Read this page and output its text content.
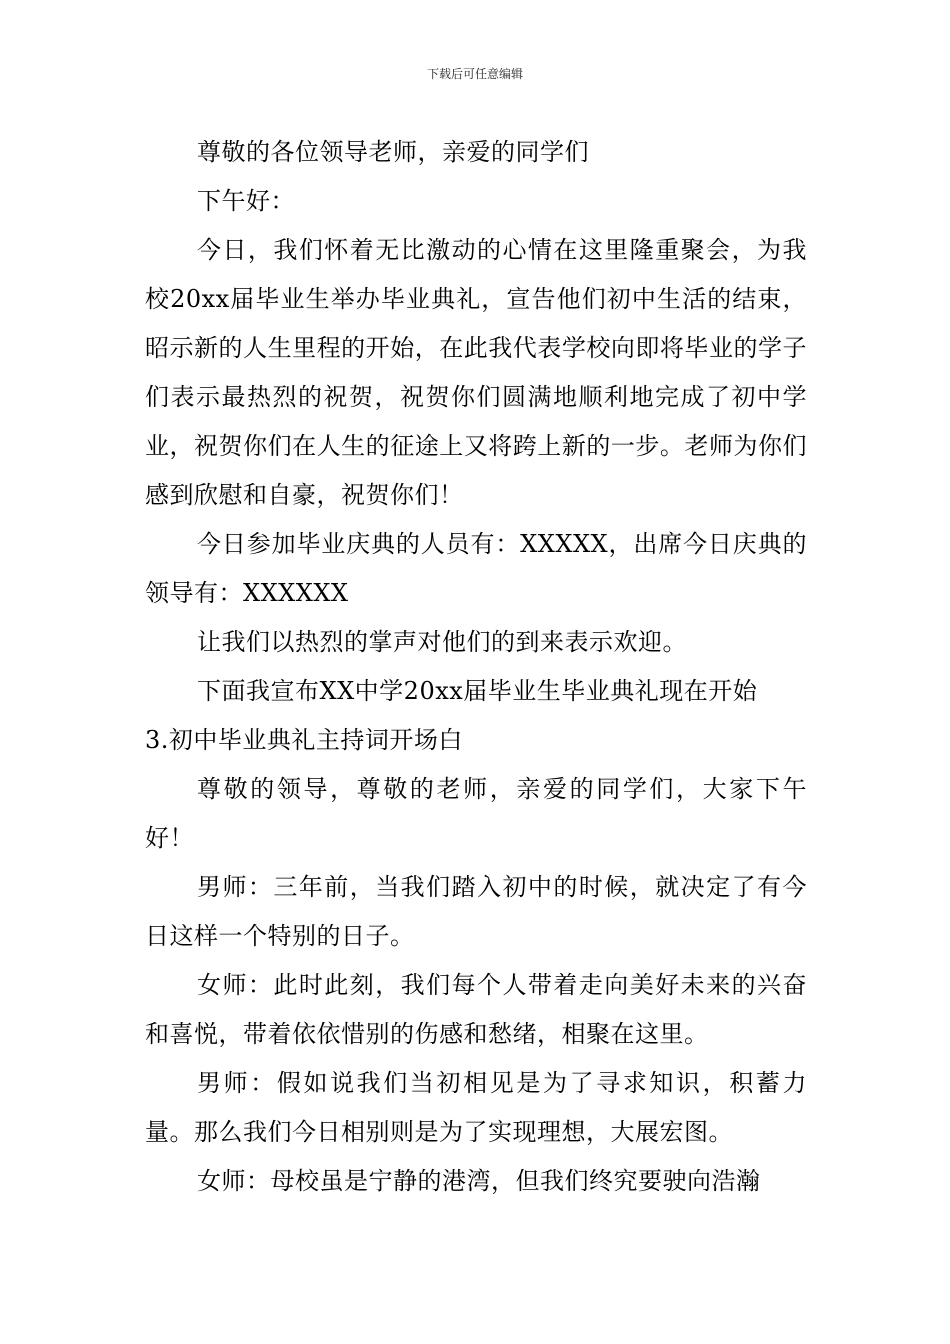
下载后可任意编辑

尊敬的各位领导老师，亲爱的同学们

下午好：

今日，我们怀着无比激动的心情在这里隆重聚会，为我校20xx届毕业生举办毕业典礼，宣告他们初中生活的结束，昭示新的人生里程的开始，在此我代表学校向即将毕业的学子们表示最热烈的祝贺，祝贺你们圆满地顺利地完成了初中学业，祝贺你们在人生的征途上又将跨上新的一步。老师为你们感到欣慰和自豪，祝贺你们！

今日参加毕业庆典的人员有：XXXXX，出席今日庆典的领导有：XXXXXX

让我们以热烈的掌声对他们的到来表示欢迎。

下面我宣布XX中学20xx届毕业生毕业典礼现在开始

3.初中毕业典礼主持词开场白

尊敬的领导，尊敬的老师，亲爱的同学们，大家下午好！

男师：三年前，当我们踏入初中的时候，就决定了有今日这样一个特别的日子。

女师：此时此刻，我们每个人带着走向美好未来的兴奋和喜悦，带着依依惜别的伤感和愁绪，相聚在这里。

男师：假如说我们当初相见是为了寻求知识，积蓄力量。那么我们今日相别则是为了实现理想，大展宏图。

女师：母校虽是宁静的港湾，但我们终究要驶向浩瀚
